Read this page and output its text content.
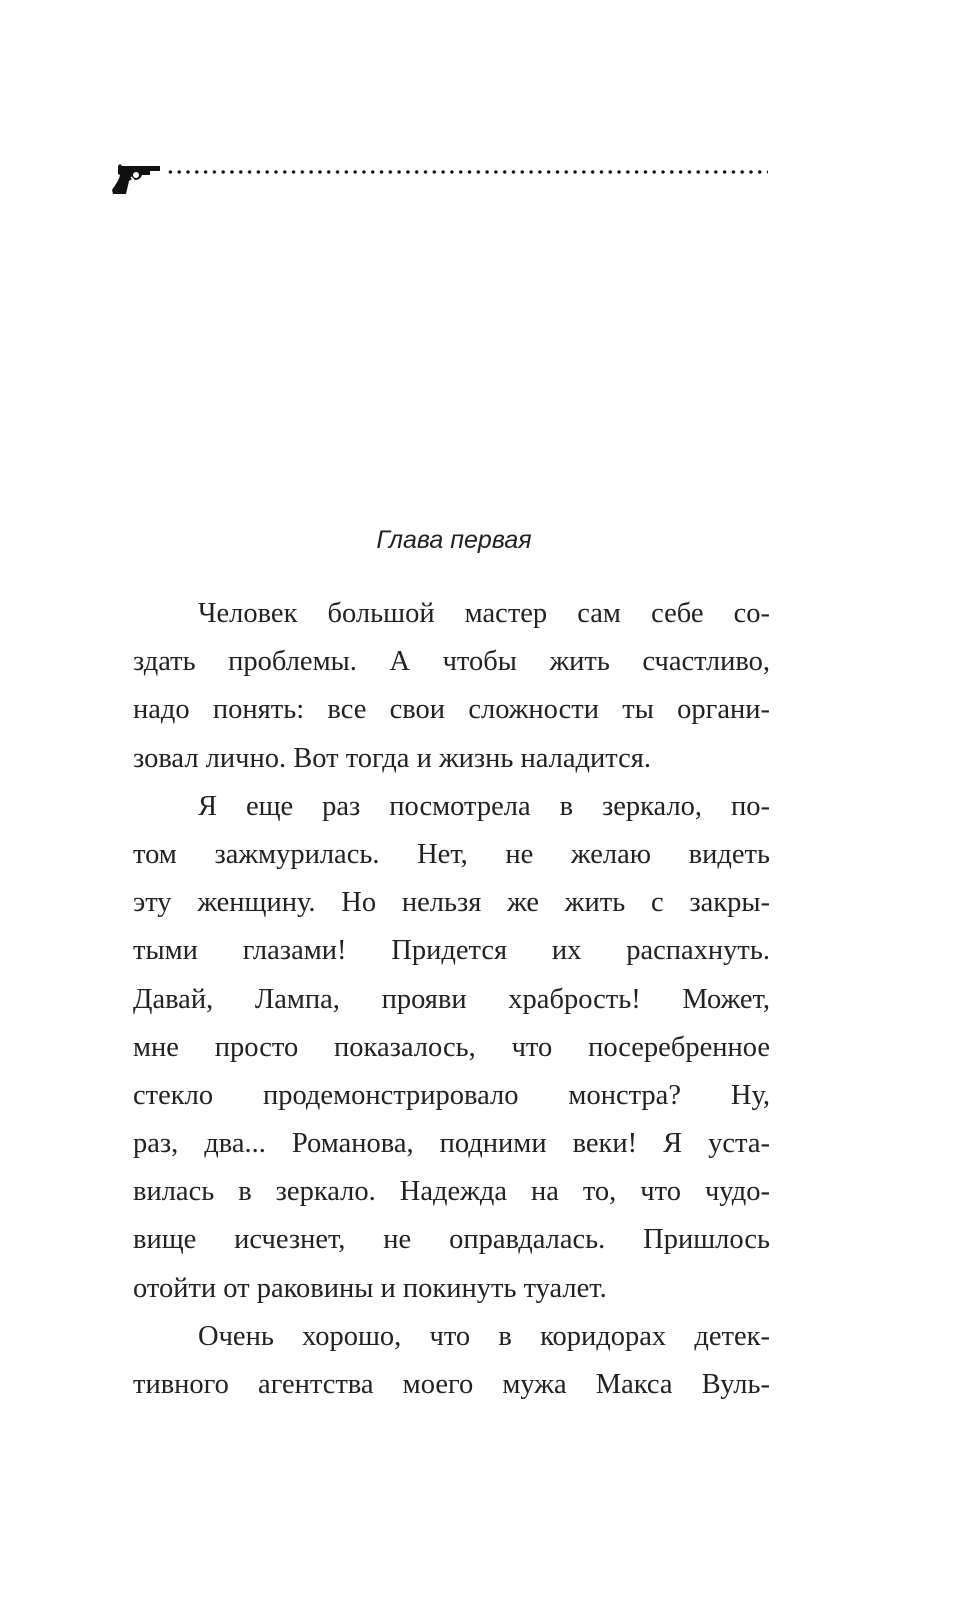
Глава первая

Человек большой мастер сам себе со-
здать проблемы. А чтобы жить счастливо,
надо понять: все свои сложности ты органи-
зовал лично. Вот тогда и жизнь наладится.

Я еще раз посмотрела в зеркало, по-
том зажмурилась. Нет, не желаю видеть
эту женщину. Но нельзя же жить с закры-
тыми глазами! Придется их распахнуть.
Давай, Лампа, прояви храбрость! Может,
мне просто показалось, что посеребренное
стекло продемонстрировало монстра? Ну,
раз, два... Романова, подними веки! Я уста-
вилась в зеркало. Надежда на то, что чудо-
вище исчезнет, не оправдалась. Пришлось
отойти от раковины и покинуть туалет.

Очень хорошо, что в коридорах детек-
тивного агентства моего мужа Макса Вуль-
